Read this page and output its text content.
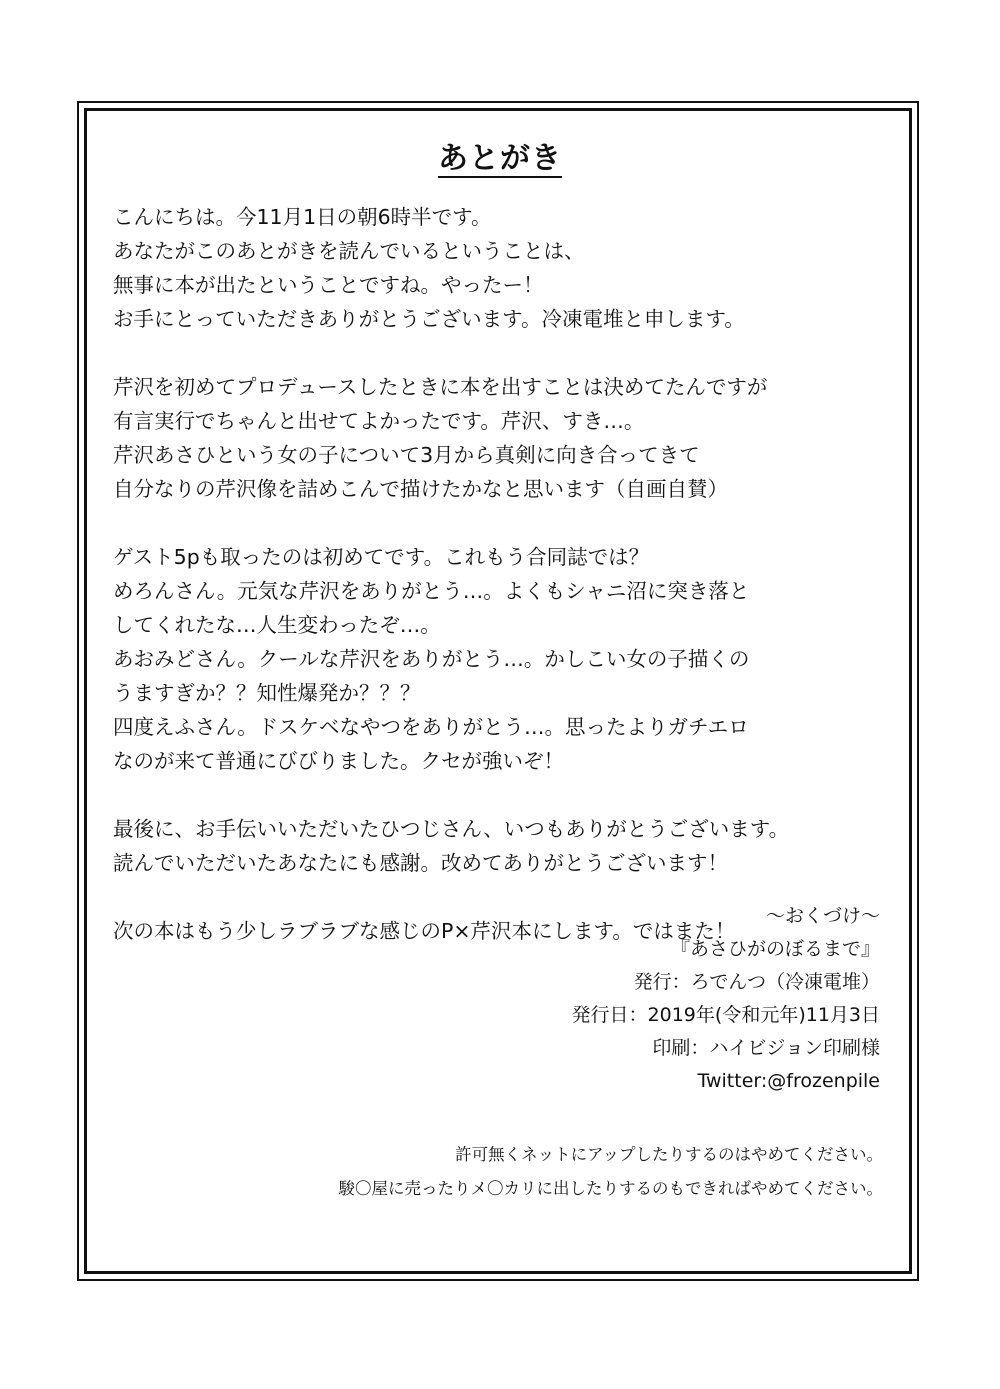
あとがき

こんにちは。今11月1日の朝6時半です。
あなたがこのあとがきを読んでいるということは、
無事に本が出たということですね。やったー！
お手にとっていただきありがとうございます。冷凍電堆と申します。

芹沢を初めてプロデュースしたときに本を出すことは決めてたんですが
有言実行でちゃんと出せてよかったです。芹沢、すき…。
芹沢あさひという女の子について3月から真剣に向き合ってきて
自分なりの芹沢像を詰めこんで描けたかなと思います（自画自賛）

ゲスト5pも取ったのは初めてです。これもう合同誌では？
めろんさん。元気な芹沢をありがとう…。よくもシャニ沼に突き落と
してくれたな…人生変わったぞ…。
あおみどさん。クールな芹沢をありがとう…。かしこい女の子描くの
うますぎか？？知性爆発か？？？
四度えふさん。ドスケベなやつをありがとう…。思ったよりガチエロ
なのが来て普通にびびりました。クセが強いぞ！

最後に、お手伝いいただいたひつじさん、いつもありがとうございます。
読んでいただいたあなたにも感謝。改めてありがとうございます！

次の本はもう少しラブラブな感じのP×芹沢本にします。ではまた！

～おくづけ～
『あさひがのぼるまで』
発行：ろでんつ（冷凍電堆）
発行日：2019年(令和元年)11月3日
印刷：ハイビジョン印刷様
Twitter:@frozenpile
許可無くネットにアップしたりするのはやめてください。
駿〇屋に売ったりメ〇カリに出したりするのもできればやめてください。
